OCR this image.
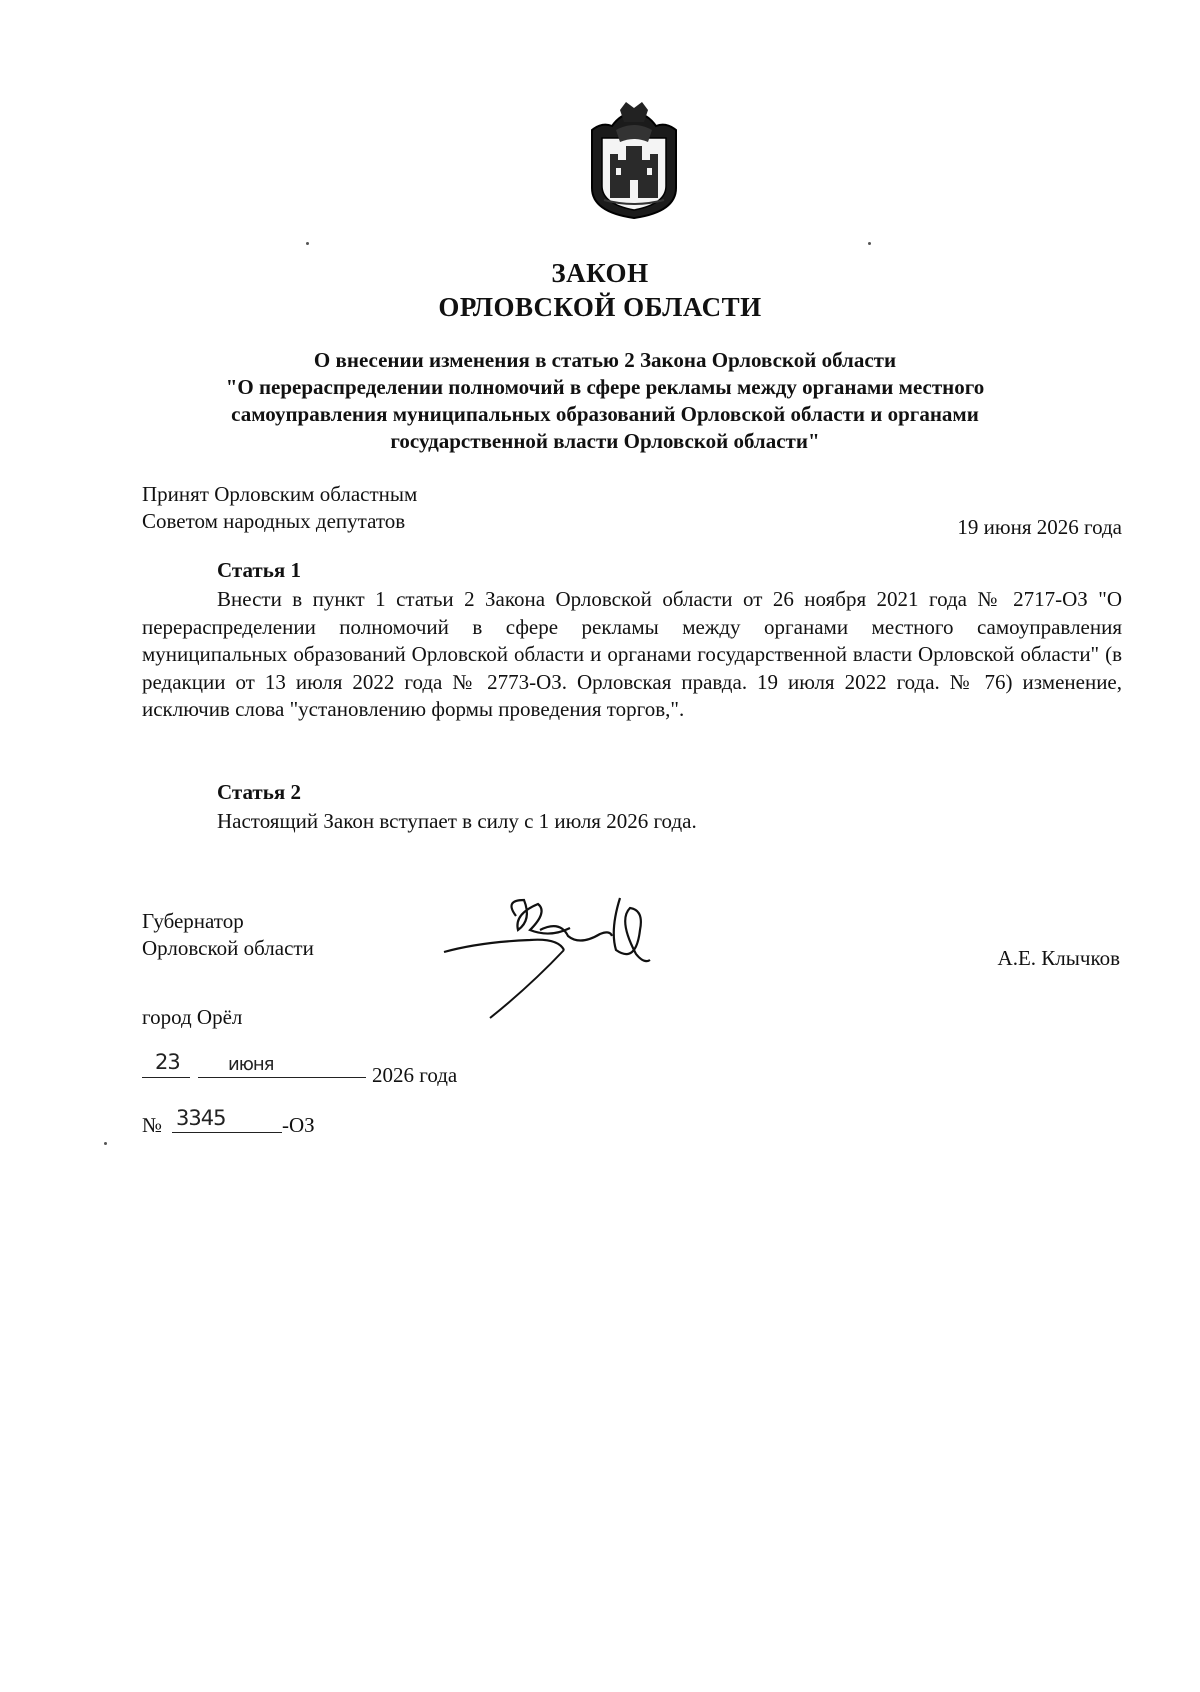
ЗАКОН
ОРЛОВСКОЙ ОБЛАСТИ
О внесении изменения в статью 2 Закона Орловской области
"О перераспределении полномочий в сфере рекламы между органами местного
самоуправления муниципальных образований Орловской области и органами
государственной власти Орловской области"
Принят Орловским областным
Советом народных депутатов	19 июня 2026 года
Статья 1
Внести в пункт 1 статьи 2 Закона Орловской области от 26 ноября 2021 года № 2717-ОЗ "О перераспределении полномочий в сфере рекламы между органами местного самоуправления муниципальных образований Орловской области и органами государственной власти Орловской области" (в редакции от 13 июля 2022 года № 2773-ОЗ. Орловская правда. 19 июля 2022 года. № 76) изменение, исключив слова "установлению формы проведения торгов,".
Статья 2
Настоящий Закон вступает в силу с 1 июля 2026 года.
Губернатор
Орловской области	А.Е. Клычков
город Орёл
23	июня	2026 года
№ 3345	-ОЗ
